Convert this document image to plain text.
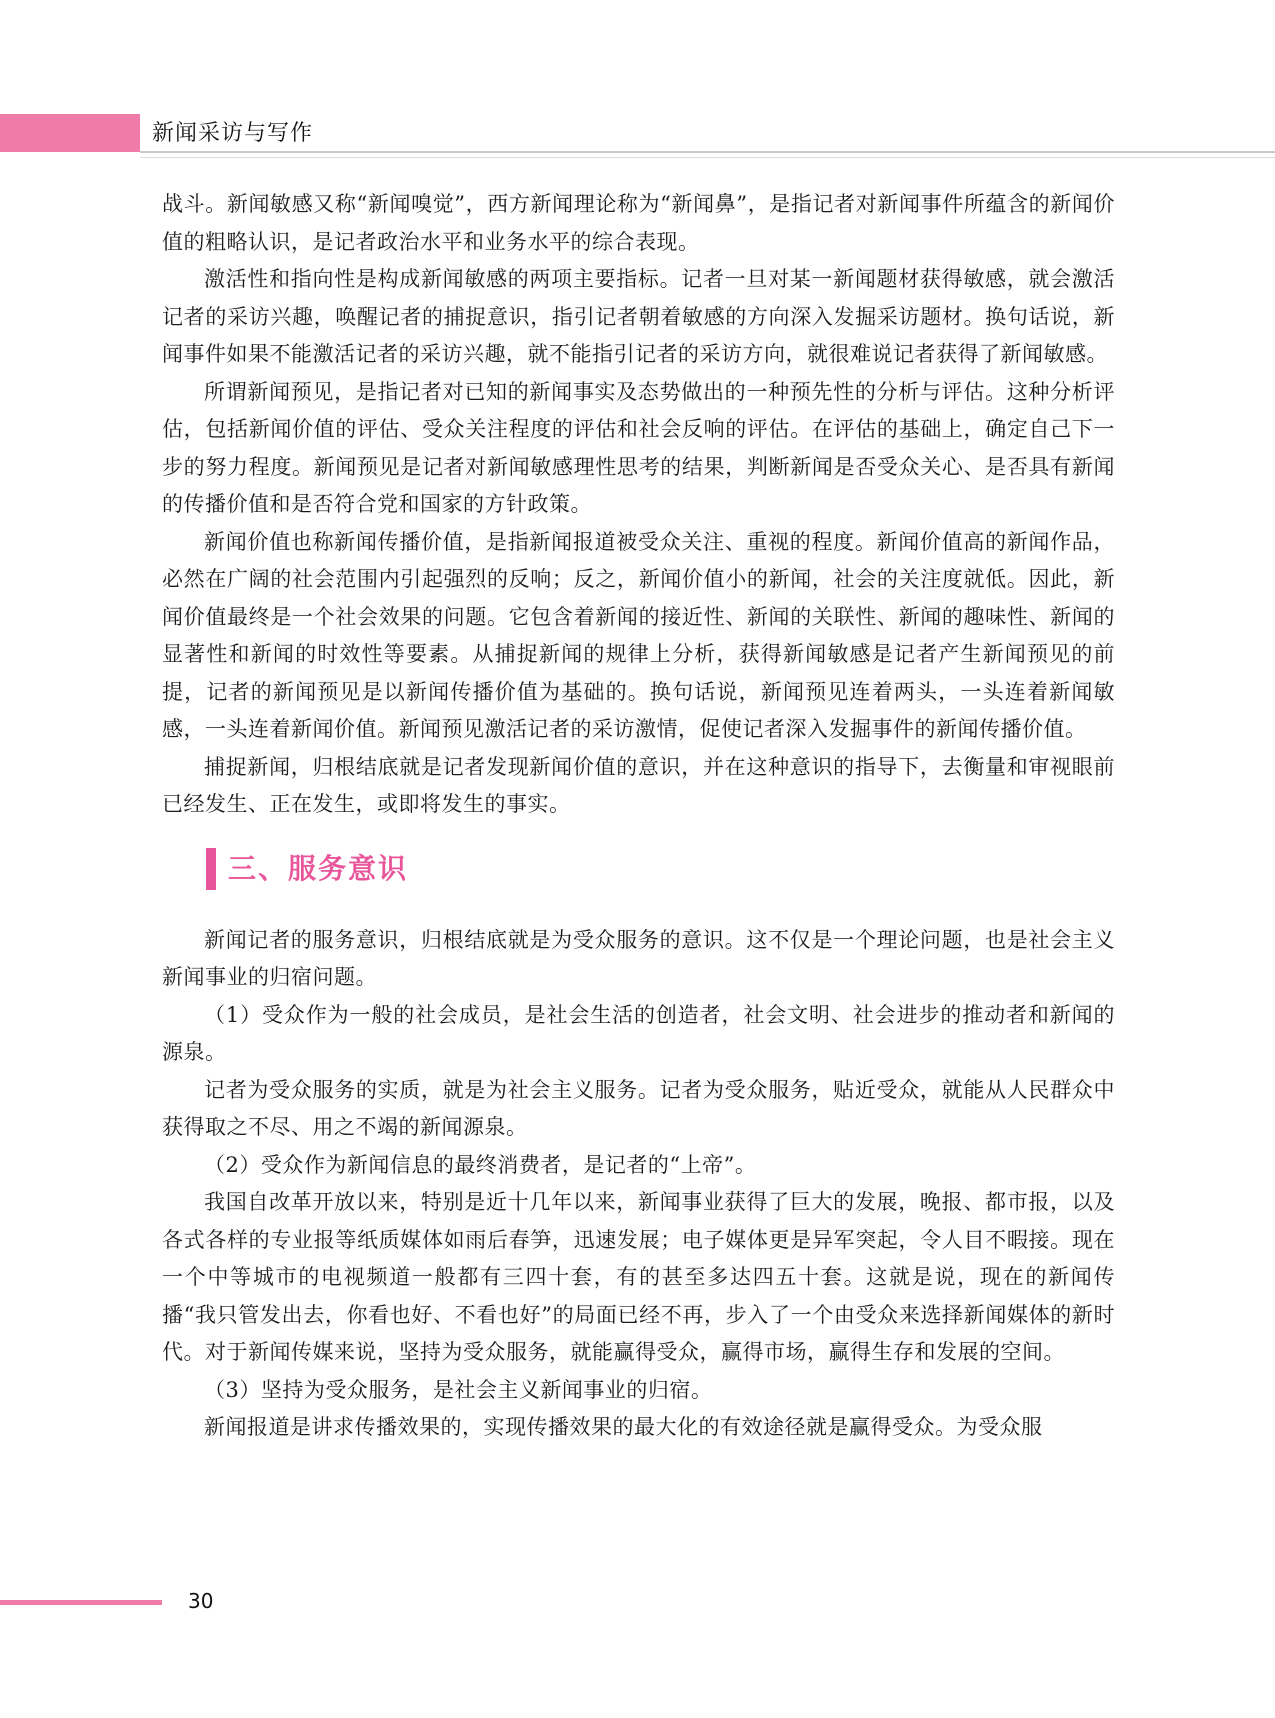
新闻采访与写作

战斗。新闻敏感又称“新闻嗅觉”，西方新闻理论称为“新闻鼻”，是指记者对新闻事件所蕴含的新闻价值的粗略认识，是记者政治水平和业务水平的综合表现。

激活性和指向性是构成新闻敏感的两项主要指标。记者一旦对某一新闻题材获得敏感，就会激活记者的采访兴趣，唤醒记者的捕捉意识，指引记者朝着敏感的方向深入发掘采访题材。换句话说，新闻事件如果不能激活记者的采访兴趣，就不能指引记者的采访方向，就很难说记者获得了新闻敏感。

所谓新闻预见，是指记者对已知的新闻事实及态势做出的一种预先性的分析与评估。这种分析评估，包括新闻价值的评估、受众关注程度的评估和社会反响的评估。在评估的基础上，确定自己下一步的努力程度。新闻预见是记者对新闻敏感理性思考的结果，判断新闻是否受众关心、是否具有新闻的传播价值和是否符合党和国家的方针政策。

新闻价值也称新闻传播价值，是指新闻报道被受众关注、重视的程度。新闻价值高的新闻作品，必然在广阔的社会范围内引起强烈的反响；反之，新闻价值小的新闻，社会的关注度就低。因此，新闻价值最终是一个社会效果的问题。它包含着新闻的接近性、新闻的关联性、新闻的趣味性、新闻的显著性和新闻的时效性等要素。从捕捉新闻的规律上分析，获得新闻敏感是记者产生新闻预见的前提，记者的新闻预见是以新闻传播价值为基础的。换句话说，新闻预见连着两头，一头连着新闻敏感，一头连着新闻价值。新闻预见激活记者的采访激情，促使记者深入发掘事件的新闻传播价值。

捕捉新闻，归根结底就是记者发现新闻价值的意识，并在这种意识的指导下，去衡量和审视眼前已经发生、正在发生，或即将发生的事实。

三、服务意识

新闻记者的服务意识，归根结底就是为受众服务的意识。这不仅是一个理论问题，也是社会主义新闻事业的归宿问题。

（1）受众作为一般的社会成员，是社会生活的创造者，社会文明、社会进步的推动者和新闻的源泉。

记者为受众服务的实质，就是为社会主义服务。记者为受众服务，贴近受众，就能从人民群众中获得取之不尽、用之不竭的新闻源泉。

（2）受众作为新闻信息的最终消费者，是记者的“上帝”。

我国自改革开放以来，特别是近十几年以来，新闻事业获得了巨大的发展，晚报、都市报，以及各式各样的专业报等纸质媒体如雨后春笋，迅速发展；电子媒体更是异军突起，令人目不暇接。现在一个中等城市的电视频道一般都有三四十套，有的甚至多达四五十套。这就是说，现在的新闻传播“我只管发出去，你看也好、不看也好”的局面已经不再，步入了一个由受众来选择新闻媒体的新时代。对于新闻传媒来说，坚持为受众服务，就能赢得受众，赢得市场，赢得生存和发展的空间。

（3）坚持为受众服务，是社会主义新闻事业的归宿。

新闻报道是讲求传播效果的，实现传播效果的最大化的有效途径就是赢得受众。为受众服

30
